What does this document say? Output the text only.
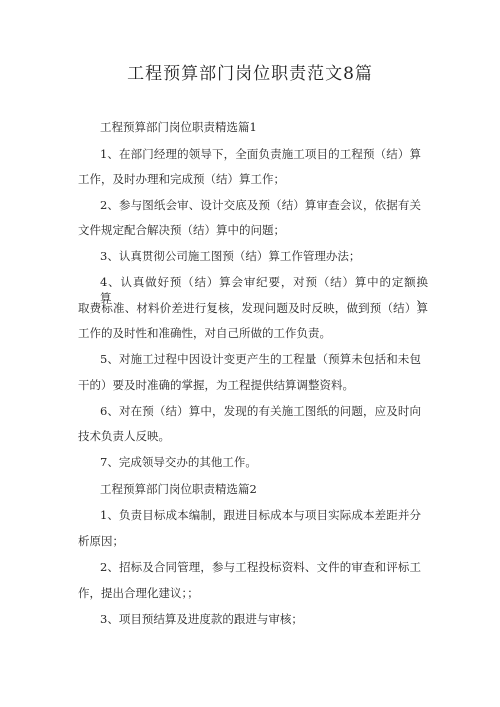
工程预算部门岗位职责范文8篇
工程预算部门岗位职责精选篇1
1、在部门经理的领导下，全面负责施工项目的工程预（结）算
工作，及时办理和完成预（结）算工作；
2、参与图纸会审、设计交底及预（结）算审查会议，依据有关
文件规定配合解决预（结）算中的问题；
3、认真贯彻公司施工图预（结）算工作管理办法；
4、认真做好预（结）算会审纪要，对预（结）算中的定额换算、
取费标准、材料价差进行复核，发现问题及时反映，做到预（结）算
工作的及时性和准确性，对自己所做的工作负责。
5、对施工过程中因设计变更产生的工程量（预算未包括和未包
干的）要及时准确的掌握，为工程提供结算调整资料。
6、对在预（结）算中，发现的有关施工图纸的问题，应及时向
技术负责人反映。
7、完成领导交办的其他工作。
工程预算部门岗位职责精选篇2
1、负责目标成本编制，跟进目标成本与项目实际成本差距并分
析原因；
2、招标及合同管理，参与工程投标资料、文件的审查和评标工
作，提出合理化建议；；
3、项目预结算及进度款的跟进与审核；
